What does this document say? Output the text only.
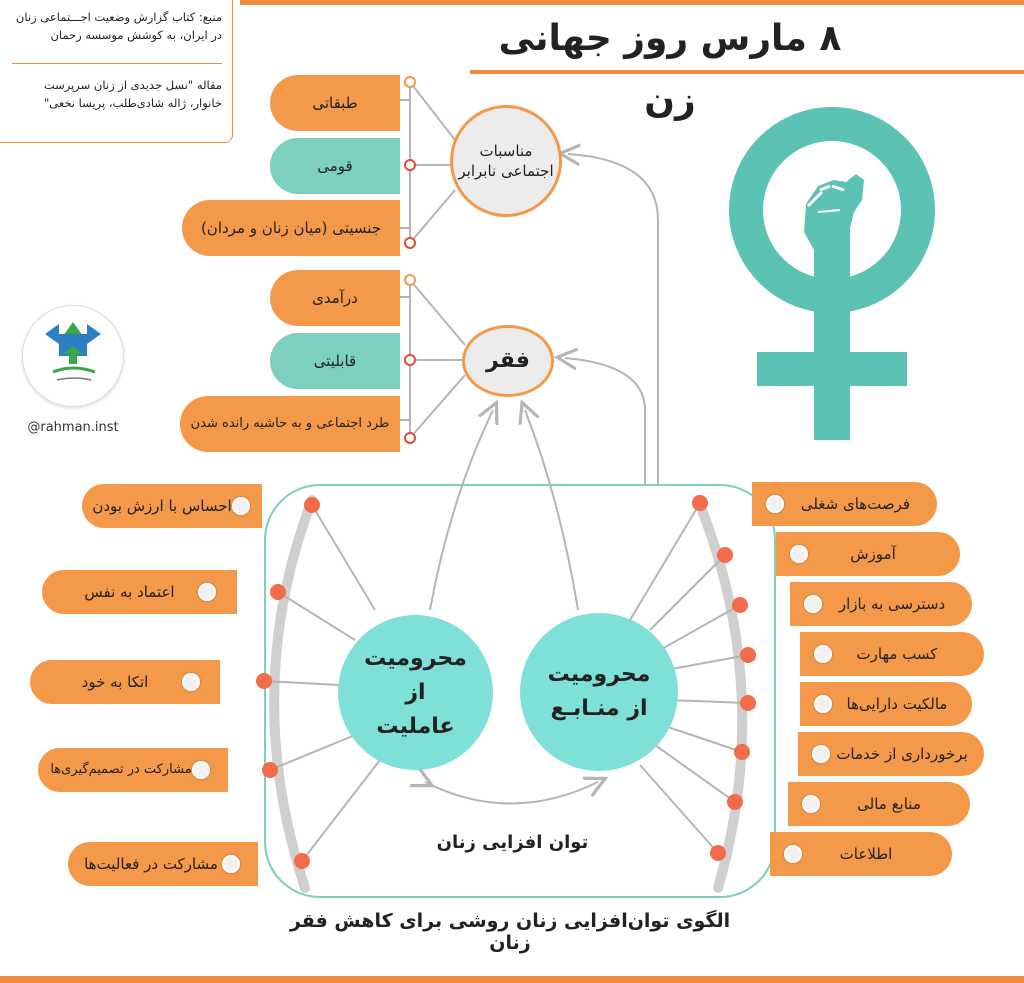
منبع: کتاب گزارش وضعیت اجـــتماعی زنان در ایران، به کوشش موسسه رحمان
مقاله "نسل جدیدی از زنان سرپرست خانوار، ژاله شادی‌طلب، پریسا نخعی"
۸ مارس روز جهانی زن
@rahman.inst
طبقاتی
قومی
جنسیتی (میان زنان و مردان)
مناسبات اجتماعی نابرابر
درآمدی
قابلیتی
طرد اجتماعی و به حاشیه رانده شدن
فقر
محرومیت از عاملیت
محرومیت از منـابـع
احساس با ارزش بودن
اعتماد به نفس
اتکا به خود
مشارکت در تصمیم‌گیری‌ها
مشارکت در فعالیت‌ها
فرصت‌های شغلی
آموزش
دسترسی به بازار
کسب مهارت
مالکیت دارایی‌ها
برخورداری از خدمات
منابع مالی
اطلاعات
توان افزایی زنان
الگوی توان‌افزایی زنان روشی برای کاهش فقر زنان
